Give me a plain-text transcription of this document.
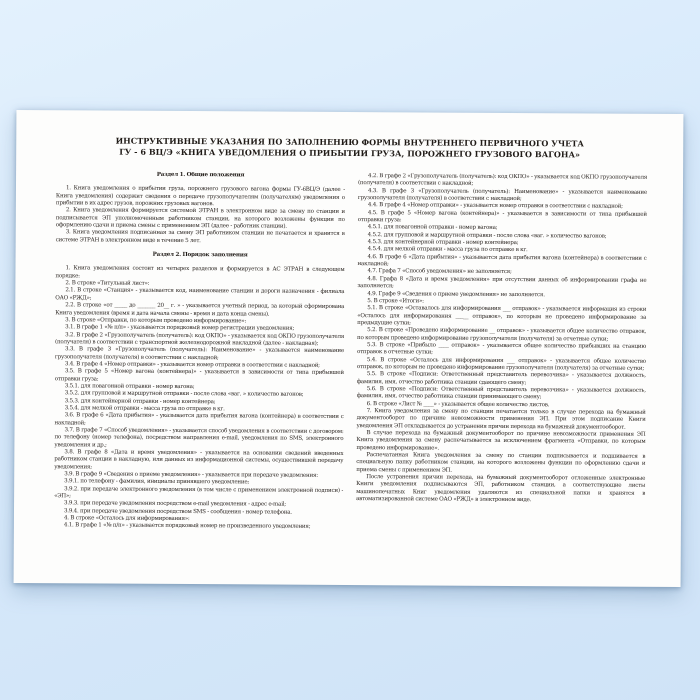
ИНСТРУКТИВНЫЕ УКАЗАНИЯ ПО ЗАПОЛНЕНИЮ ФОРМЫ ВНУТРЕННЕГО ПЕРВИЧНОГО УЧЕТА
ГУ - 6 ВЦ/Э «КНИГА УВЕДОМЛЕНИЯ О ПРИБЫТИИ ГРУЗА, ПОРОЖНЕГО ГРУЗОВОГО ВАГОНА»
Раздел 1. Общие положения
1. Книга уведомления о прибытии груза, порожнего грузового вагона формы ГУ-6ВЦ/Э (далее - Книга уведомления) содержит сведения о передаче грузополучателям (получателям) уведомления о прибытии в их адрес грузов, порожних грузовых вагонов.
2. Книга уведомления формируется системой ЭТРАН в электронном виде за смену по станции и подписывается ЭП уполномоченным работником станции, на которого возложены функции по оформлению сдачи и приема смены с применением ЭП (далее - работник станции).
3. Книга уведомления подписанная за смену ЭП работником станции не печатается и хранится в системе ЭТРАН в электронном виде в течение 5 лет.
Раздел 2. Порядок заполнения
1. Книга уведомления состоит из четырех разделов и формируется в АС ЭТРАН в следующем порядке:
2. В строке «Титульный лист»:
2.1. В строке «Станция» - указывается код, наименование станции и дороги назначения - филиала ОАО «РЖД»;
2.2. В строке «от _____ до _______ 20__ г. » - указывается учетный период, за который сформирована Книга уведомления (время и дата начала смены - время и дата конца смены).
3. В строке «Отправки, по которым проведено информирование»:
3.1. В графе 1 «№ п/п» - указывается порядковый номер регистрации уведомления;
3.2. В графе 2 «Грузополучатель (получатель): код ОКПО» - указывается код ОКПО грузополучателя (получателя) в соответствии с транспортной железнодорожной накладной (далее - накладная);
3.3. В графе 3 «Грузополучатель (получатель): Наименование» - указывается наименование грузополучателя (получателя) в соответствии с накладной;
3.4. В графе 4 «Номер отправки» - указывается номер отправки в соответствии с накладной;
3.5. В графе 5 «Номер вагона (контейнера)» - указывается в зависимости от типа прибывшей отправки груза:
3.5.1. для повагонной отправки - номер вагона;
3.5.2. для групповой и маршрутной отправки - после слова «ваг. » количество вагонов;
3.5.3. для контейнерной отправки - номер контейнера;
3.5.4. для мелкой отправки - масса груза по отправке в кг.
3.6. В графе 6 «Дата прибытия» - указывается дата прибытия вагона (контейнера) в соответствии с накладной;
3.7. В графе 7 «Способ уведомления» - указывается способ уведомления в соответствии с договором: по телефону (номер телефона), посредством направления e-mail, уведомления по SMS, электронного уведомления и др.;
3.8. В графе 8 «Дата и время уведомления» - указывается на основании сведений введенных работником станции в накладную, или данных из информационной системы, осуществившей передачу уведомления;
3.9. В графе 9 «Сведения о приеме уведомления» - указывается при передаче уведомления:
3.9.1. по телефону - фамилия, инициалы принявшего уведомление;
3.9.2. при передаче электронного уведомления (в том числе с применением электронной подписи) - «ЭП»;
3.9.3. при передаче уведомления посредством e-mail уведомления - адрес e-mail;
3.9.4. при передаче уведомления посредством SMS - сообщения - номер телефона.
4. В строке «Осталось для информирования»:
4.1. В графе 1 «№ п/п» - указывается порядковый номер не произведенного уведомления;
4.2. В графе 2 «Грузополучатель (получатель): код ОКПО» - указывается код ОКПО грузополучателя (получателя) в соответствии с накладной;
4.3. В графе 3 «Грузополучатель (получатель): Наименование» - указывается наименование грузополучателя (получателя) в соответствии с накладной;
4.4. В графе 4 «Номер отправки» - указывается номер отправки в соответствии с накладной;
4.5. В графе 5 «Номер вагона (контейнера)» - указывается в зависимости от типа прибывшей отправки груза:
4.5.1. для повагонной отправки - номер вагона;
4.5.2. для групповой и маршрутной отправки - после слова «ваг. » количество вагонов;
4.5.3. для контейнерной отправки - номер контейнера;
4.5.4. для мелкой отправки - масса груза по отправке в кг.
4.6. В графе 6 «Дата прибытия» - указывается дата прибытия вагона (контейнера) в соответствии с накладной;
4.7. Графа 7 «Способ уведомления» не заполняется;
4.8. Графа 8 «Дата и время уведомления» при отсутствии данных об информировании графа не заполняется;
4.9. Графе 9 «Сведения о приеме уведомления» не заполняется.
5. В строке «Итоги»:
5.1. В строке «Оставалось для информирования ___ отправок» - указывается информация из строки «Осталось для информирования _____ отправок», по которым не проведено информирование за предыдущие сутки;
5.2. В строке «Проведено информирование __ отправок» - указывается общее количество отправок, по которым проведено информирование грузополучателя (получателя) за отчетные сутки;
5.3. В строке «Прибыло ____ отправок» - указывается общее количество прибывших на станцию отправок в отчетные сутки;
5.4. В строке «Осталось для информирования ___ отправок» - указывается общее количество отправок, по которым не проведено информирование грузополучателя (получателя) за отчетные сутки;
5.5. В строке «Подписи: Ответственный представитель перевозчика» - указывается должность, фамилия, имя, отчество работника станции сдающего смену;
5.6. В строке «Подписи: Ответственный представитель перевозчика» - указывается должность, фамилия, имя, отчество работника станции принимающего смену;
6. В строке «Лист № ____» - указывается общее количество листов.
7. Книга уведомления за смену по станции печатается только в случае перехода на бумажный документооборот по причине невозможности применения ЭП. При этом подписание Книги уведомления ЭП откладывается до устранения причин перехода на бумажный документооборот.
В случае перехода на бумажный документооборот по причине невозможности применения ЭП Книга уведомления за смену распечатывается за исключением фрагмента «Отправки, по которым проведено информирование».
Распечатанная Книга уведомления за смену по станции подписывается и подшивается в специальную папку работником станции, на которого возложены функции по оформлению сдачи и приема смены с применением ЭП.
После устранения причин перехода, на бумажный документооборот отложенные электронные Книги уведомления подписываются ЭП, работником станции, а соответствующие листы машинопечатных Книг уведомления удаляются из специальной папки и хранятся в автоматизированной системе ОАО «РЖД» в электронном виде.
